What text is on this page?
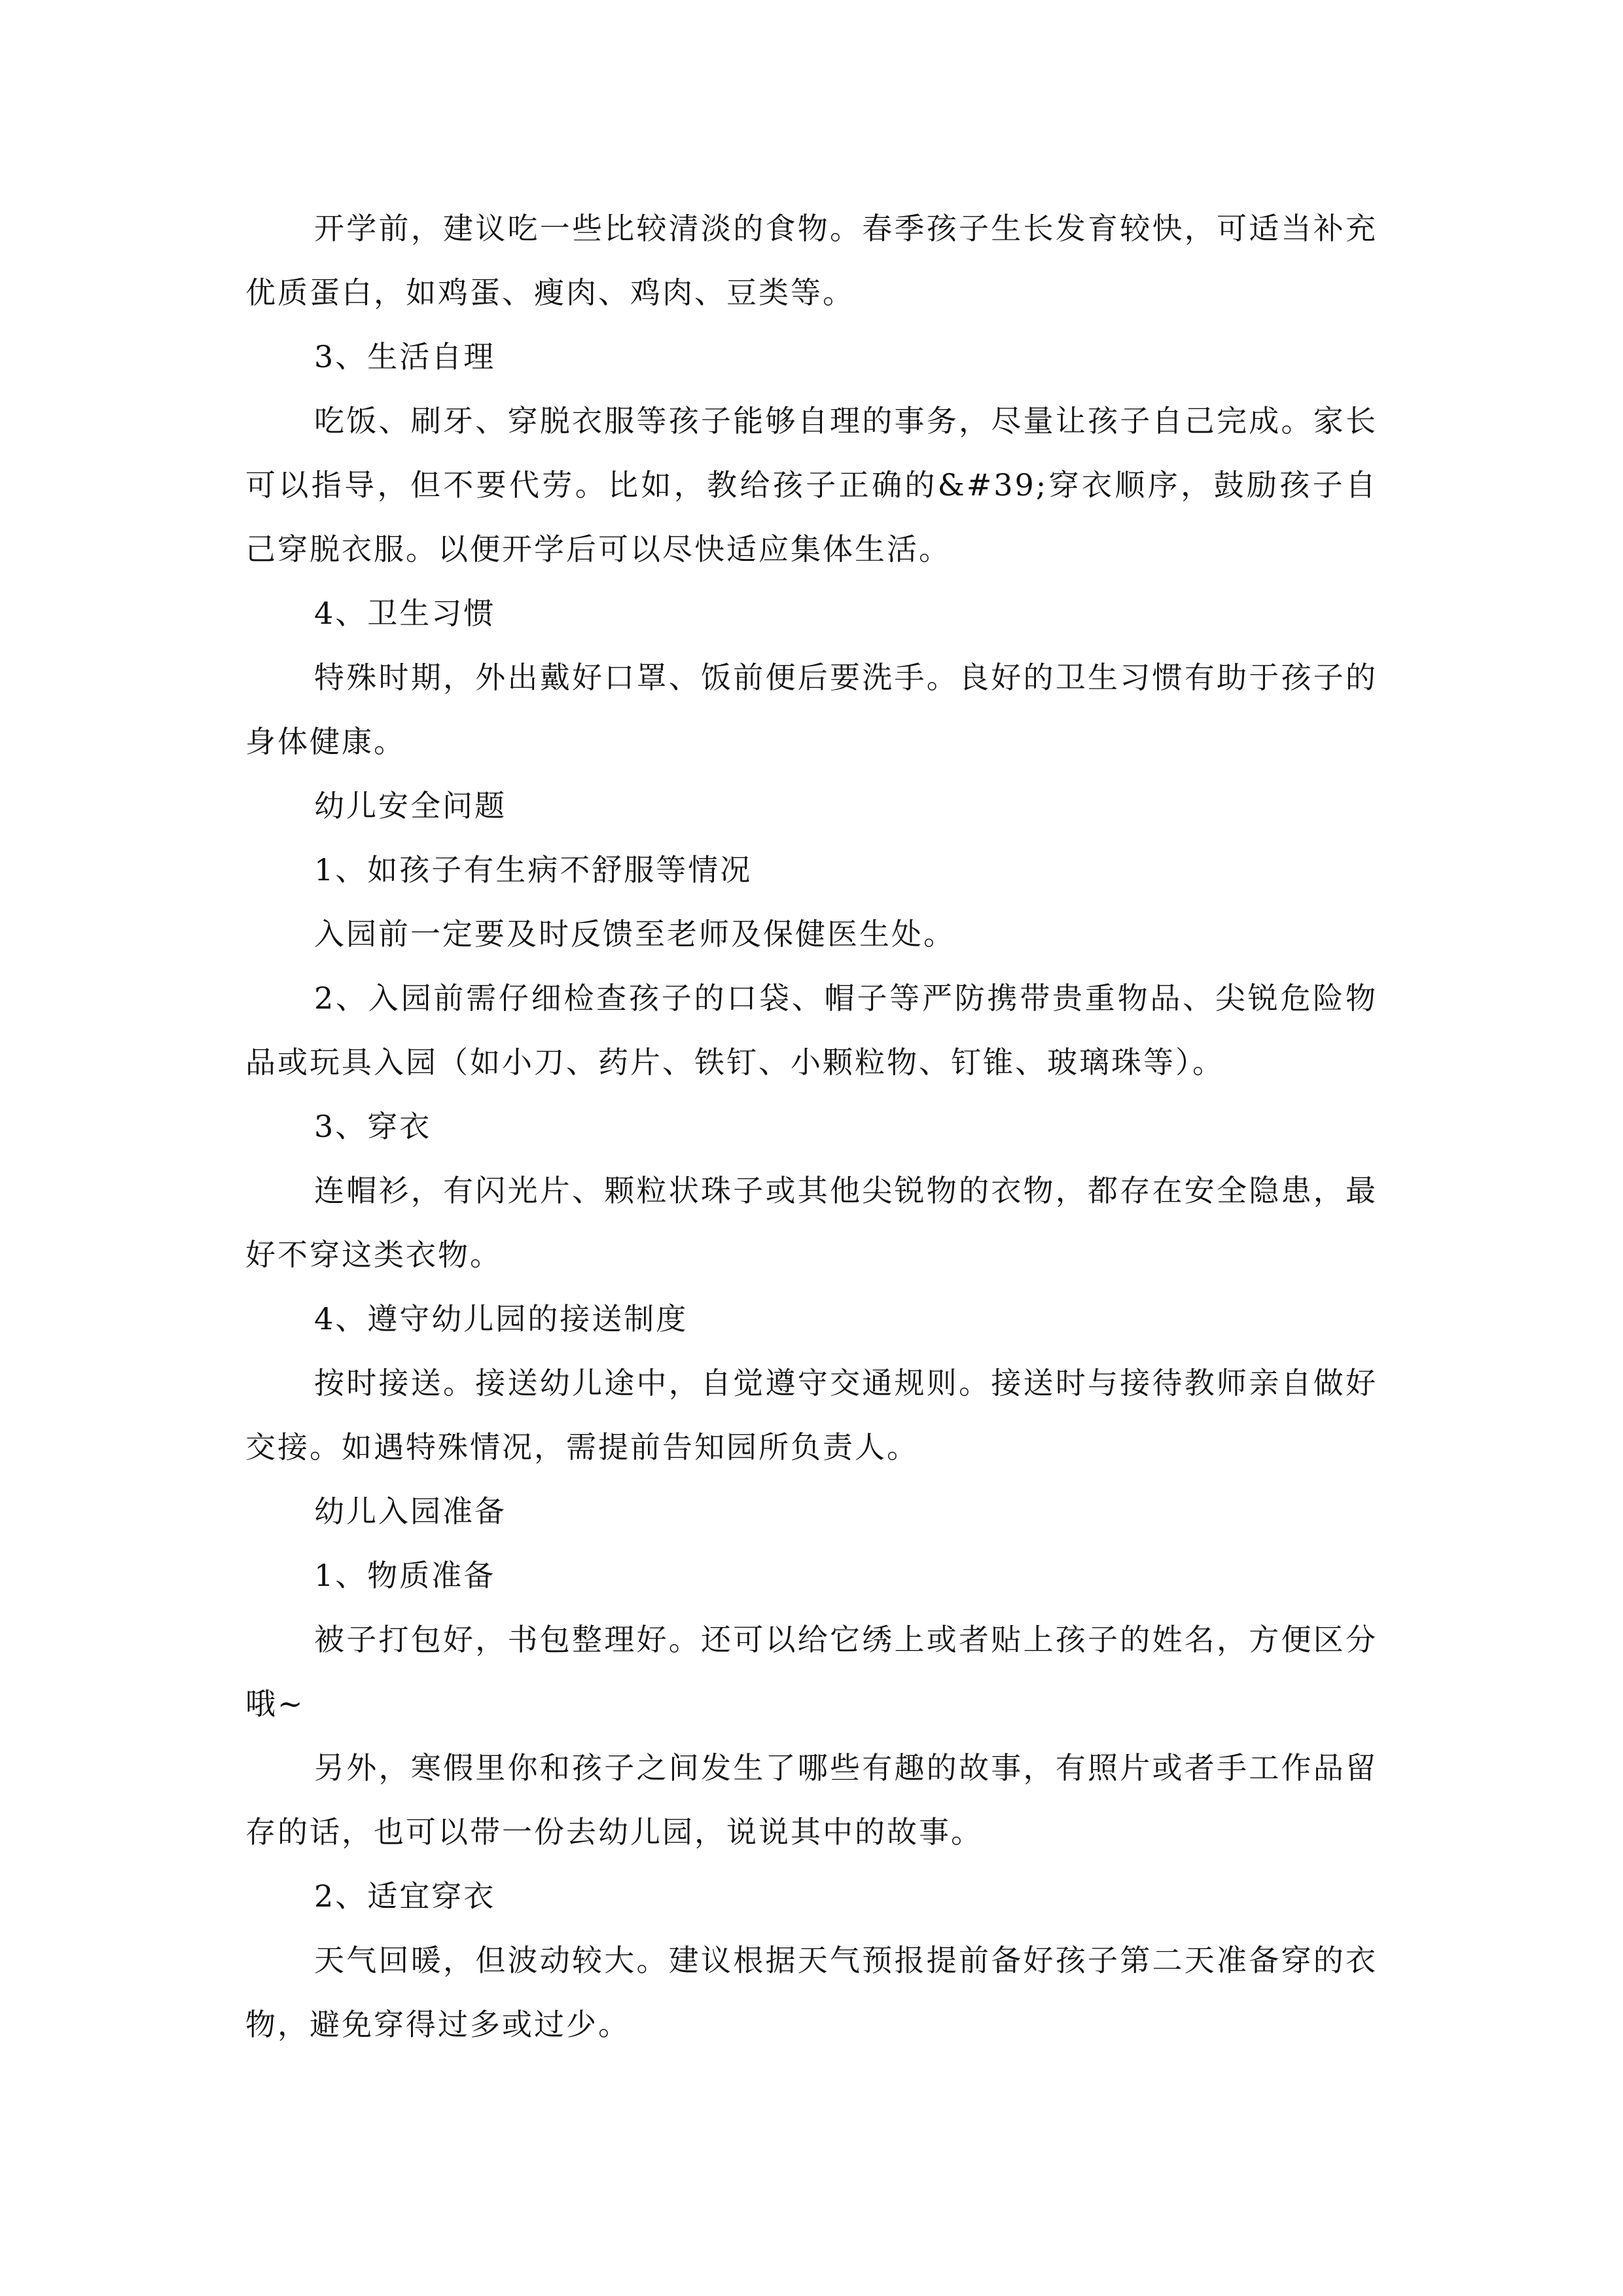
开学前，建议吃一些比较清淡的食物。春季孩子生长发育较快，可适当补充优质蛋白，如鸡蛋、瘦肉、鸡肉、豆类等。

3、生活自理

吃饭、刷牙、穿脱衣服等孩子能够自理的事务，尽量让孩子自己完成。家长可以指导，但不要代劳。比如，教给孩子正确的&#39;穿衣顺序，鼓励孩子自己穿脱衣服。以便开学后可以尽快适应集体生活。

4、卫生习惯

特殊时期，外出戴好口罩、饭前便后要洗手。良好的卫生习惯有助于孩子的身体健康。

幼儿安全问题

1、如孩子有生病不舒服等情况

入园前一定要及时反馈至老师及保健医生处。

2、入园前需仔细检查孩子的口袋、帽子等严防携带贵重物品、尖锐危险物品或玩具入园（如小刀、药片、铁钉、小颗粒物、钉锥、玻璃珠等）。

3、穿衣

连帽衫，有闪光片、颗粒状珠子或其他尖锐物的衣物，都存在安全隐患，最好不穿这类衣物。

4、遵守幼儿园的接送制度

按时接送。接送幼儿途中，自觉遵守交通规则。接送时与接待教师亲自做好交接。如遇特殊情况，需提前告知园所负责人。

幼儿入园准备

1、物质准备

被子打包好，书包整理好。还可以给它绣上或者贴上孩子的姓名，方便区分哦~

另外，寒假里你和孩子之间发生了哪些有趣的故事，有照片或者手工作品留存的话，也可以带一份去幼儿园，说说其中的故事。

2、适宜穿衣

天气回暖，但波动较大。建议根据天气预报提前备好孩子第二天准备穿的衣物，避免穿得过多或过少。
